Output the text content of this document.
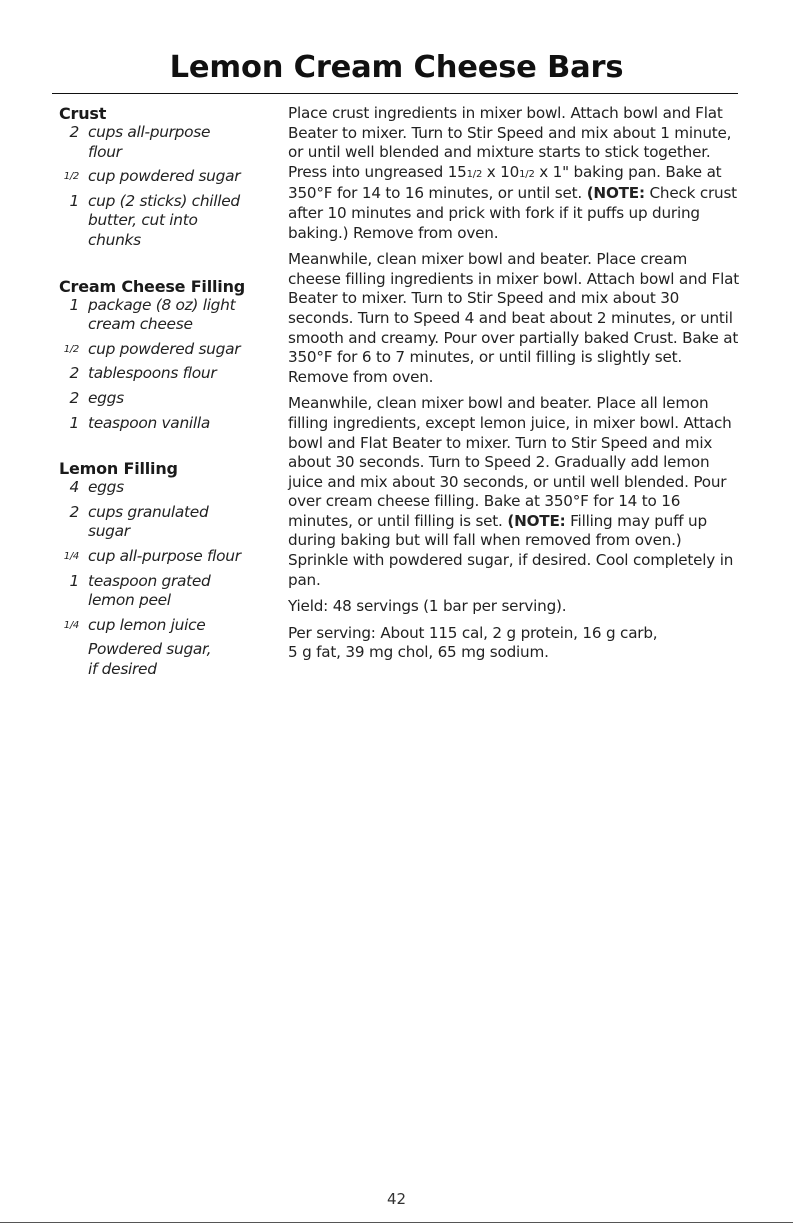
Lemon Cream Cheese Bars
Crust
2 cups all-purpose
flour
1/2 cup powdered sugar
1 cup (2 sticks) chilled
butter, cut into
chunks
Cream Cheese Filling
1 package (8 oz) light
cream cheese
1/2 cup powdered sugar
2 tablespoons flour
2 eggs
1 teaspoon vanilla
Lemon Filling
4 eggs
2 cups granulated
sugar
1/4 cup all-purpose flour
1 teaspoon grated
lemon peel
1/4 cup lemon juice
Powdered sugar,
if desired

Place crust ingredients in mixer bowl. Attach bowl and Flat Beater to mixer. Turn to Stir Speed and mix about 1 minute, or until well blended and mixture starts to stick together. Press into ungreased 151/2 x 101/2 x 1" baking pan. Bake at 350°F for 14 to 16 minutes, or until set. (NOTE: Check crust after 10 minutes and prick with fork if it puffs up during baking.) Remove from oven.

Meanwhile, clean mixer bowl and beater. Place cream cheese filling ingredients in mixer bowl. Attach bowl and Flat Beater to mixer. Turn to Stir Speed and mix about 30 seconds. Turn to Speed 4 and beat about 2 minutes, or until smooth and creamy. Pour over partially baked Crust. Bake at 350°F for 6 to 7 minutes, or until filling is slightly set. Remove from oven.

Meanwhile, clean mixer bowl and beater. Place all lemon filling ingredients, except lemon juice, in mixer bowl. Attach bowl and Flat Beater to mixer. Turn to Stir Speed and mix about 30 seconds. Turn to Speed 2. Gradually add lemon juice and mix about 30 seconds, or until well blended. Pour over cream cheese filling. Bake at 350°F for 14 to 16 minutes, or until filling is set. (NOTE: Filling may puff up during baking but will fall when removed from oven.) Sprinkle with powdered sugar, if desired. Cool completely in pan.

Yield: 48 servings (1 bar per serving).

Per serving: About 115 cal, 2 g protein, 16 g carb,
5 g fat, 39 mg chol, 65 mg sodium.

42
